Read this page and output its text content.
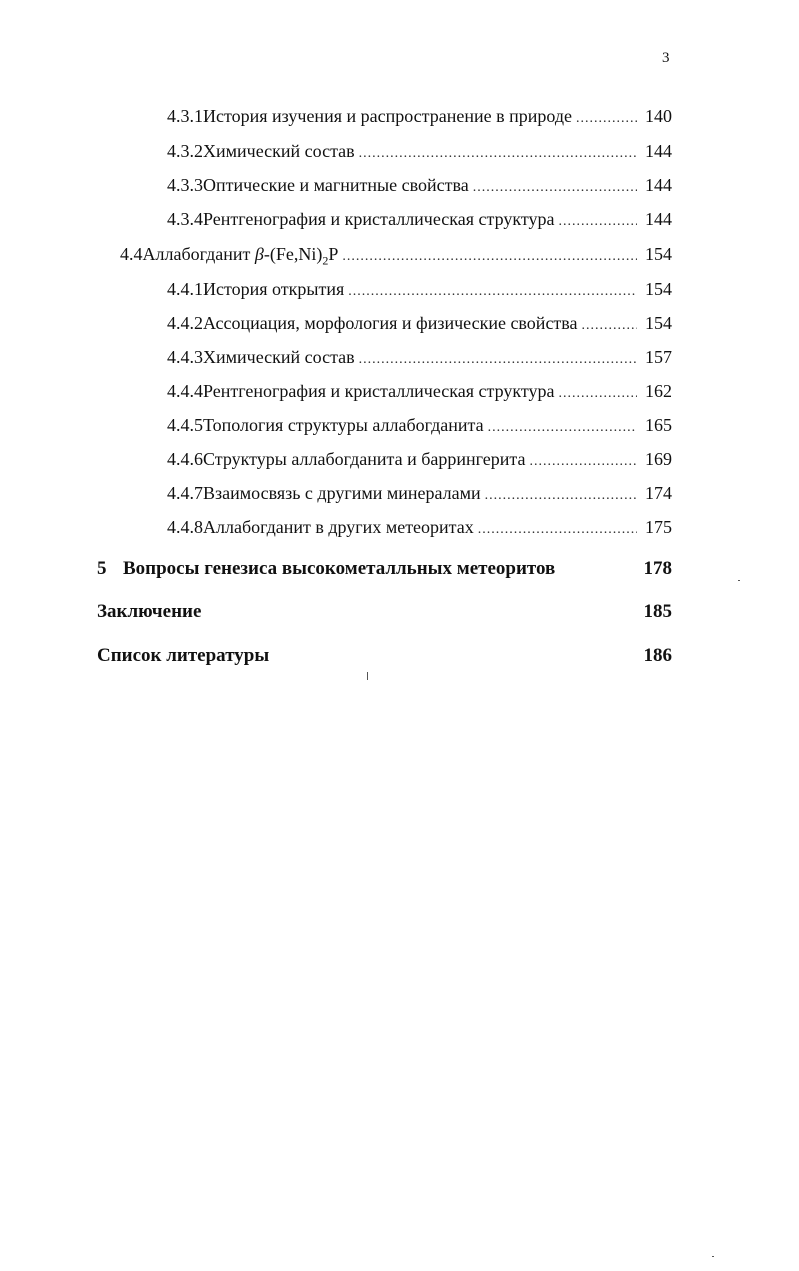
3
4.3.1 История изучения и распространение в природе .....	140
4.3.2 Химический состав .....	144
4.3.3 Оптические и магнитные свойства .....	144
4.3.4 Рентгенография и кристаллическая структура .....	144
4.4 Аллабогданит $\beta-(Fe,Ni)_2P$ .....	154
4.4.1 История открытия .....	154
4.4.2 Ассоциация, морфология и физические свойства .....	154
4.4.3 Химический состав .....	157
4.4.4 Рентгенография и кристаллическая структура .....	162
4.4.5 Топология структуры аллабогданита .....	165
4.4.6 Структуры аллабогданита и баррингерита .....	169
4.4.7 Взаимосвязь с другими минералами .....	174
4.4.8 Аллабогданит в других метеоритах .....	175
5 Вопросы генезиса высокометалльных метеоритов	178
Заключение	185
Список литературы	186
